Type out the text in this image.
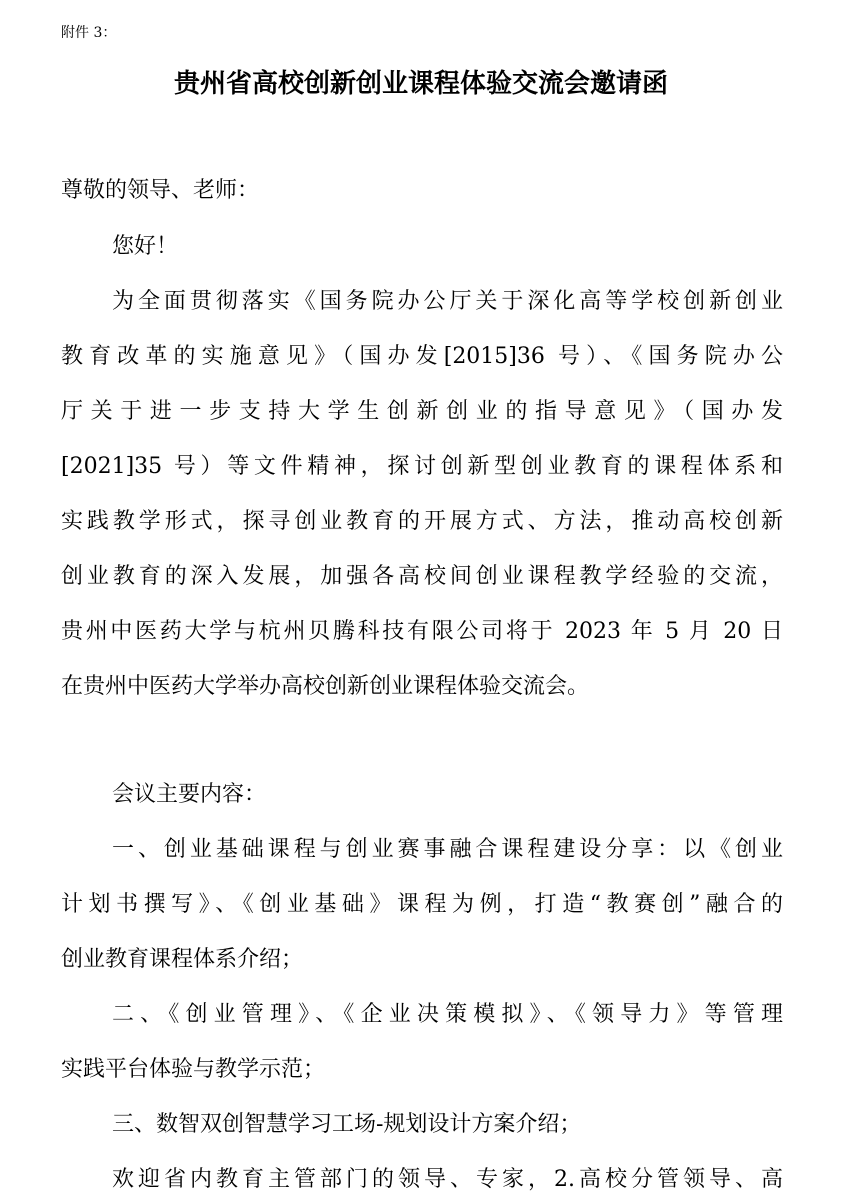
附件 3：
贵州省高校创新创业课程体验交流会邀请函
尊敬的领导、老师：
您好！
为全面贯彻落实《国务院办公厅关于深化高等学校创新创业
教育改革的实施意见》（国办发[2015]36 号）、《国务院办公
厅关于进一步支持大学生创新创业的指导意见》（国办发
[2021]35 号）等文件精神，探讨创新型创业教育的课程体系和
实践教学形式，探寻创业教育的开展方式、方法，推动高校创新
创业教育的深入发展，加强各高校间创业课程教学经验的交流，
贵州中医药大学与杭州贝腾科技有限公司将于 2023 年 5 月 20 日
在贵州中医药大学举办高校创新创业课程体验交流会。
会议主要内容：
一、创业基础课程与创业赛事融合课程建设分享：以《创业
计划书撰写》、《创业基础》课程为例，打造“教赛创”融合的
创业教育课程体系介绍；
二、《创业管理》、《企业决策模拟》、《领导力》等管理
实践平台体验与教学示范；
三、数智双创智慧学习工场-规划设计方案介绍；
欢迎省内教育主管部门的领导、专家，2.高校分管领导、高
